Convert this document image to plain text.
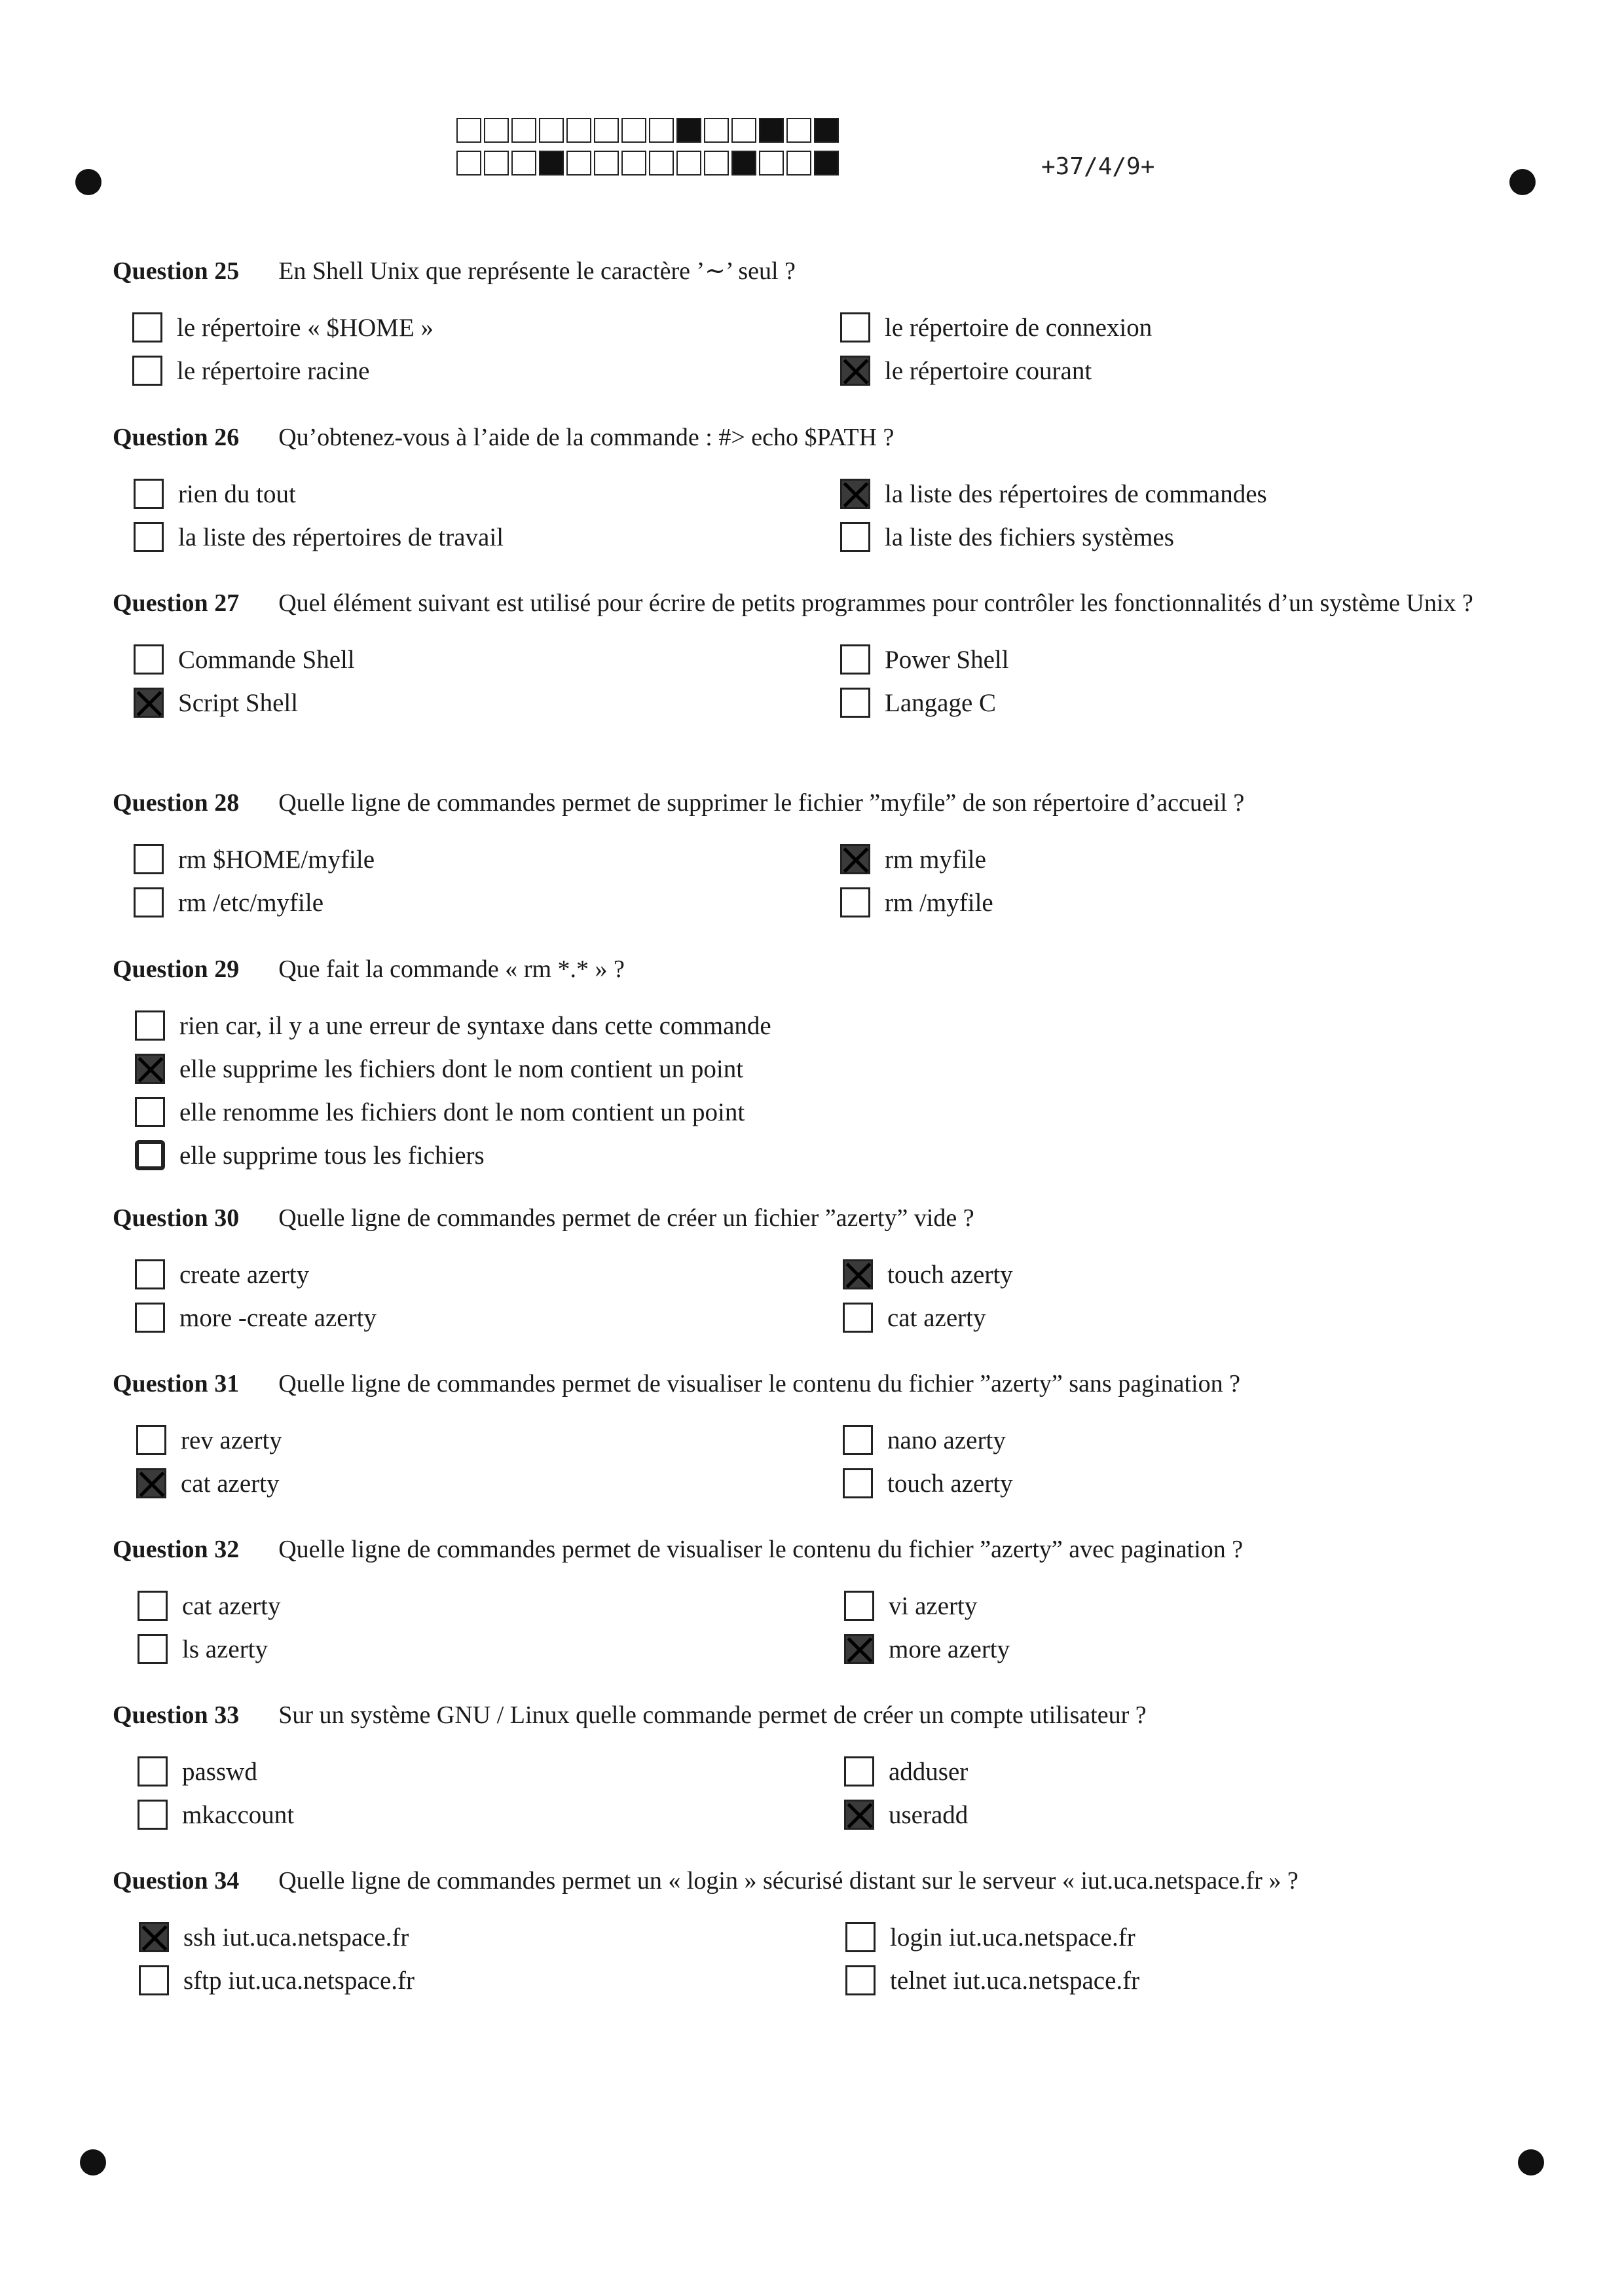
+37/4/9+
Question 25 En Shell Unix que représente le caractère ’∼’ seul ?
le répertoire « $HOME »	le répertoire de connexion
le répertoire racine	le répertoire courant
Question 26 Qu’obtenez-vous à l’aide de la commande : #> echo $PATH ?
rien du tout	la liste des répertoires de commandes
la liste des répertoires de travail	la liste des fichiers systèmes
Question 27 Quel élément suivant est utilisé pour écrire de petits programmes pour contrôler les fonctionnalités d’un système Unix ?
Commande Shell	Power Shell
Script Shell	Langage C
Question 28 Quelle ligne de commandes permet de supprimer le fichier ”myfile” de son répertoire d’accueil ?
rm $HOME/myfile	rm myfile
rm /etc/myfile	rm /myfile
Question 29 Que fait la commande « rm *.* » ?
rien car, il y a une erreur de syntaxe dans cette commande
elle supprime les fichiers dont le nom contient un point
elle renomme les fichiers dont le nom contient un point
elle supprime tous les fichiers
Question 30 Quelle ligne de commandes permet de créer un fichier ”azerty” vide ?
create azerty	touch azerty
more -create azerty	cat azerty
Question 31 Quelle ligne de commandes permet de visualiser le contenu du fichier ”azerty” sans pagination ?
rev azerty	nano azerty
cat azerty	touch azerty
Question 32 Quelle ligne de commandes permet de visualiser le contenu du fichier ”azerty” avec pagination ?
cat azerty	vi azerty
ls azerty	more azerty
Question 33 Sur un système GNU / Linux quelle commande permet de créer un compte utilisateur ?
passwd	adduser
mkaccount	useradd
Question 34 Quelle ligne de commandes permet un « login » sécurisé distant sur le serveur « iut.uca.netspace.fr » ?
ssh iut.uca.netspace.fr	login iut.uca.netspace.fr
sftp iut.uca.netspace.fr	telnet iut.uca.netspace.fr
